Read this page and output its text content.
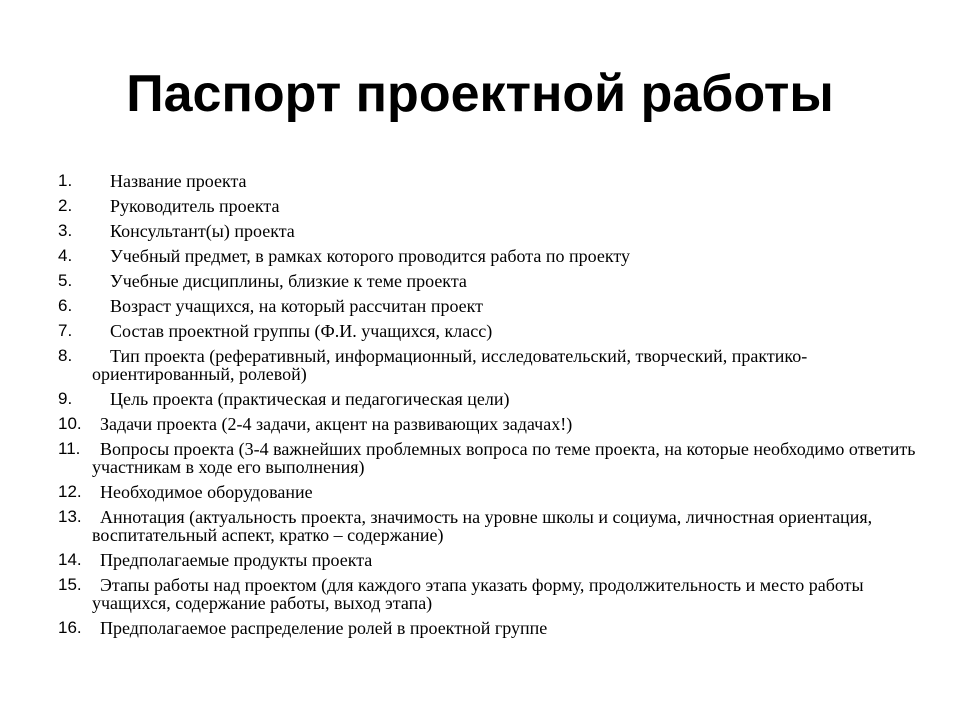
Паспорт проектной работы
1.	Название проекта
2.	Руководитель проекта
3.	Консультант(ы) проекта
4.	Учебный предмет, в рамках которого проводится работа по проекту
5.	Учебные дисциплины, близкие к теме проекта
6.	Возраст учащихся, на который рассчитан проект
7.	Состав проектной группы (Ф.И. учащихся, класс)
8.	Тип проекта (реферативный, информационный, исследовательский, творческий, практико-ориентированный, ролевой)
9.	Цель проекта (практическая и педагогическая цели)
10.	Задачи проекта (2-4 задачи, акцент на развивающих задачах!)
11.	Вопросы проекта (3-4 важнейших проблемных вопроса по теме проекта, на которые необходимо ответить участникам в ходе его выполнения)
12.	Необходимое оборудование
13.	Аннотация (актуальность проекта, значимость на уровне школы и социума, личностная ориентация, воспитательный аспект, кратко – содержание)
14.	Предполагаемые продукты проекта
15.	Этапы работы над проектом (для каждого этапа указать форму, продолжительность и место работы учащихся, содержание работы, выход этапа)
16.	Предполагаемое распределение ролей в проектной группе
